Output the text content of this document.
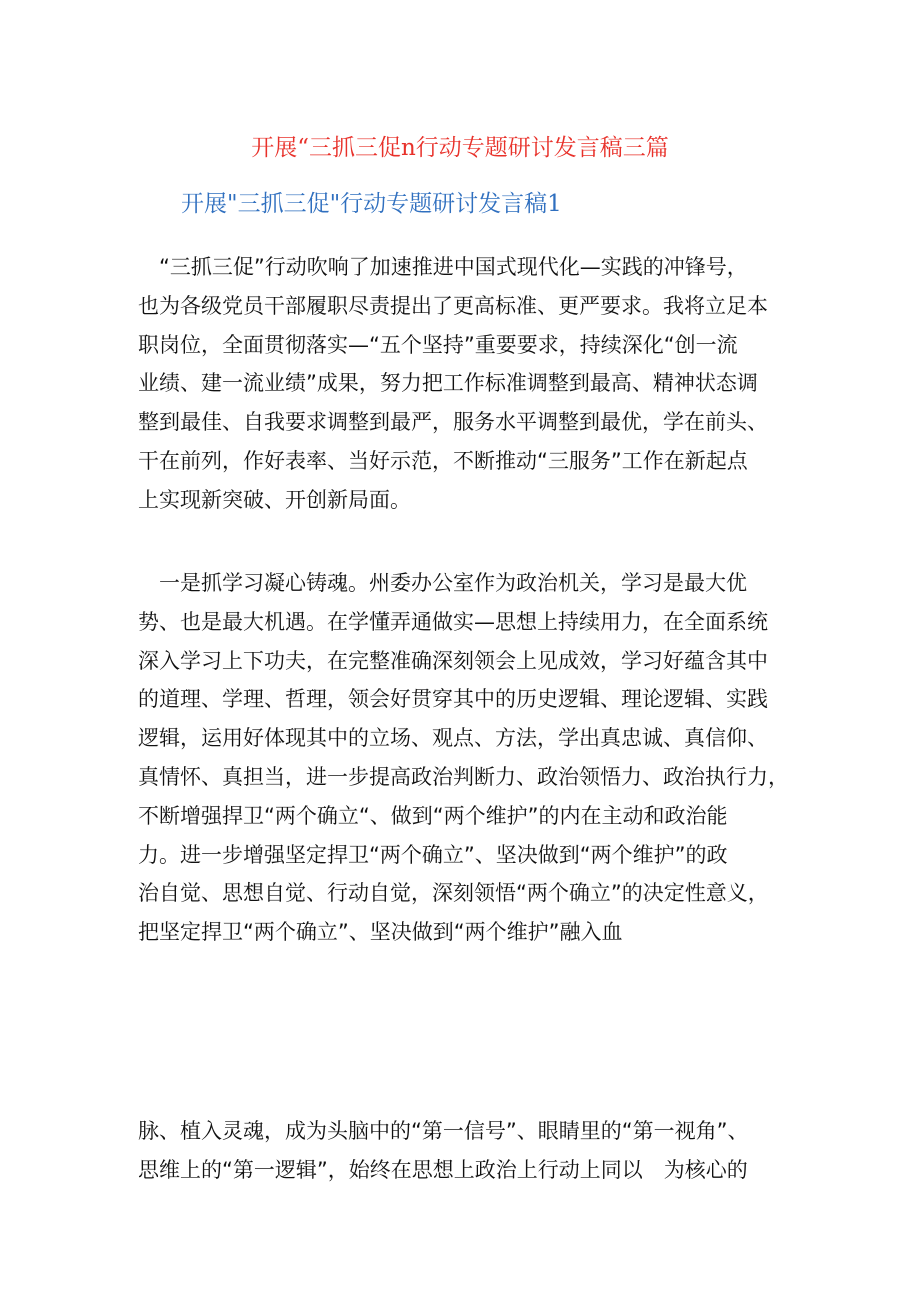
开展“三抓三促n行动专题研讨发言稿三篇
开展"三抓三促"行动专题研讨发言稿1
　“三抓三促”行动吹响了加速推进中国式现代化—实践的冲锋号，
也为各级党员干部履职尽责提出了更高标准、更严要求。我将立足本
职岗位，全面贯彻落实—“五个坚持”重要要求，持续深化“创一流
业绩、建一流业绩”成果，努力把工作标准调整到最高、精神状态调
整到最佳、自我要求调整到最严，服务水平调整到最优，学在前头、
干在前列，作好表率、当好示范，不断推动“三服务”工作在新起点
上实现新突破、开创新局面。
　一是抓学习凝心铸魂。州委办公室作为政治机关，学习是最大优
势、也是最大机遇。在学懂弄通做实—思想上持续用力，在全面系统
深入学习上下功夫，在完整准确深刻领会上见成效，学习好蕴含其中
的道理、学理、哲理，领会好贯穿其中的历史逻辑、理论逻辑、实践
逻辑，运用好体现其中的立场、观点、方法，学出真忠诚、真信仰、
真情怀、真担当，进一步提高政治判断力、政治领悟力、政治执行力，
不断增强捍卫“两个确立“、做到“两个维护”的内在主动和政治能
力。进一步增强坚定捍卫“两个确立”、坚决做到“两个维护”的政
治自觉、思想自觉、行动自觉，深刻领悟“两个确立”的决定性意义，
把坚定捍卫“两个确立”、坚决做到“两个维护”融入血
脉、植入灵魂，成为头脑中的“第一信号”、眼睛里的“第一视角”、
思维上的“第一逻辑”，始终在思想上政治上行动上同以　为核心的
